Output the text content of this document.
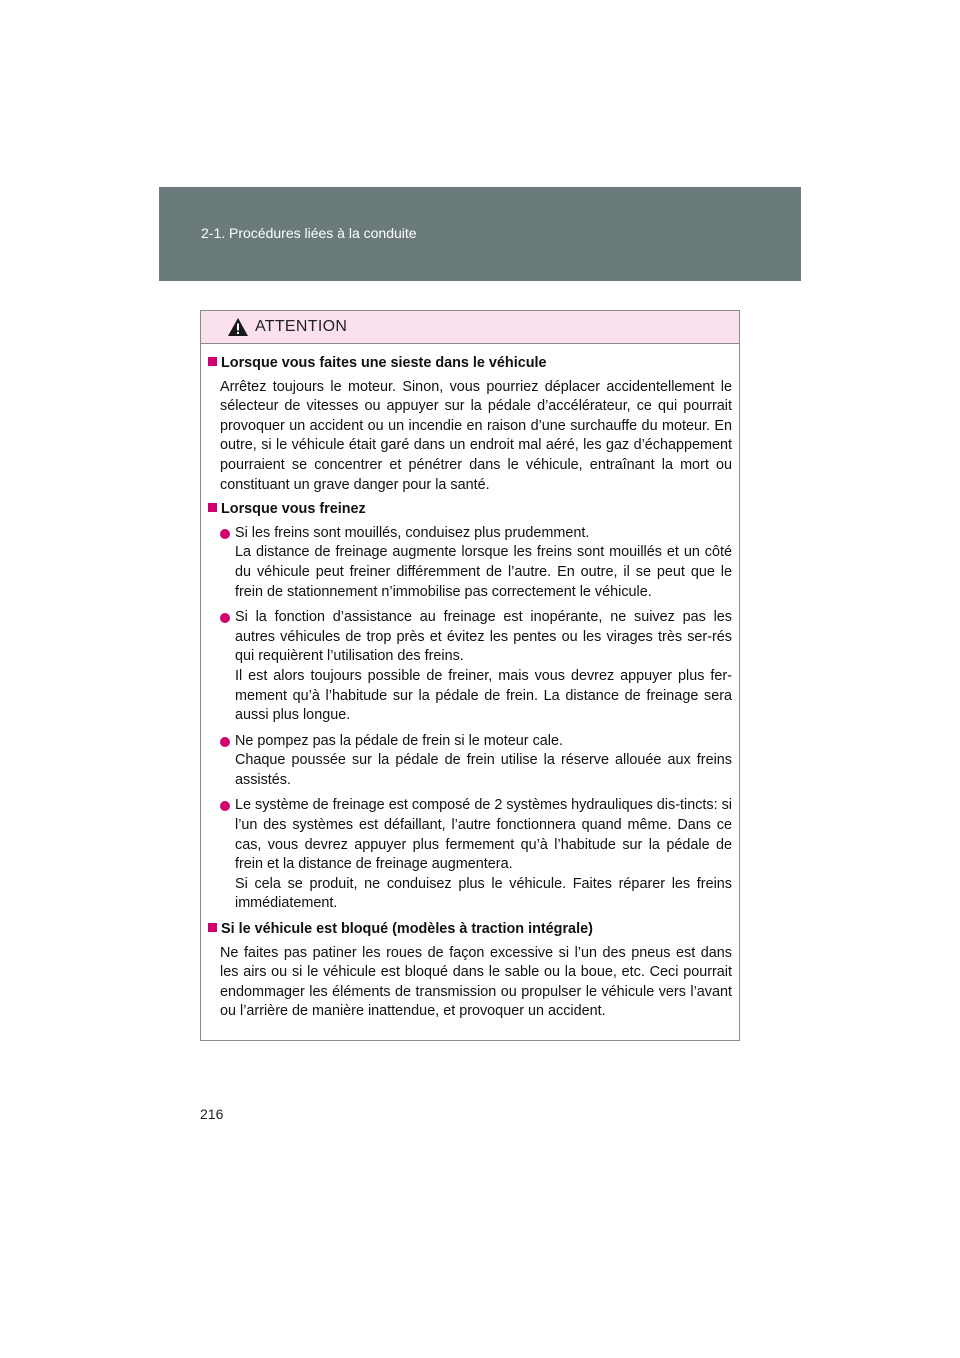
2-1. Procédures liées à la conduite
ATTENTION
Lorsque vous faites une sieste dans le véhicule
Arrêtez toujours le moteur. Sinon, vous pourriez déplacer accidentellement le sélecteur de vitesses ou appuyer sur la pédale d’accélérateur, ce qui pourrait provoquer un accident ou un incendie en raison d’une surchauffe du moteur. En outre, si le véhicule était garé dans un endroit mal aéré, les gaz d’échappement pourraient se concentrer et pénétrer dans le véhicule, entraînant la mort ou constituant un grave danger pour la santé.
Lorsque vous freinez
Si les freins sont mouillés, conduisez plus prudemment.
La distance de freinage augmente lorsque les freins sont mouillés et un côté du véhicule peut freiner différemment de l’autre. En outre, il se peut que le frein de stationnement n’immobilise pas correctement le véhicule.
Si la fonction d’assistance au freinage est inopérante, ne suivez pas les autres véhicules de trop près et évitez les pentes ou les virages très ser-rés qui requièrent l’utilisation des freins.
Il est alors toujours possible de freiner, mais vous devrez appuyer plus fer-mement qu’à l’habitude sur la pédale de frein. La distance de freinage sera aussi plus longue.
Ne pompez pas la pédale de frein si le moteur cale.
Chaque poussée sur la pédale de frein utilise la réserve allouée aux freins assistés.
Le système de freinage est composé de 2 systèmes hydrauliques dis-tincts: si l’un des systèmes est défaillant, l’autre fonctionnera quand même. Dans ce cas, vous devrez appuyer plus fermement qu’à l’habitude sur la pédale de frein et la distance de freinage augmentera.
Si cela se produit, ne conduisez plus le véhicule. Faites réparer les freins immédiatement.
Si le véhicule est bloqué (modèles à traction intégrale)
Ne faites pas patiner les roues de façon excessive si l’un des pneus est dans les airs ou si le véhicule est bloqué dans le sable ou la boue, etc. Ceci pourrait endommager les éléments de transmission ou propulser le véhicule vers l’avant ou l’arrière de manière inattendue, et provoquer un accident.
216
